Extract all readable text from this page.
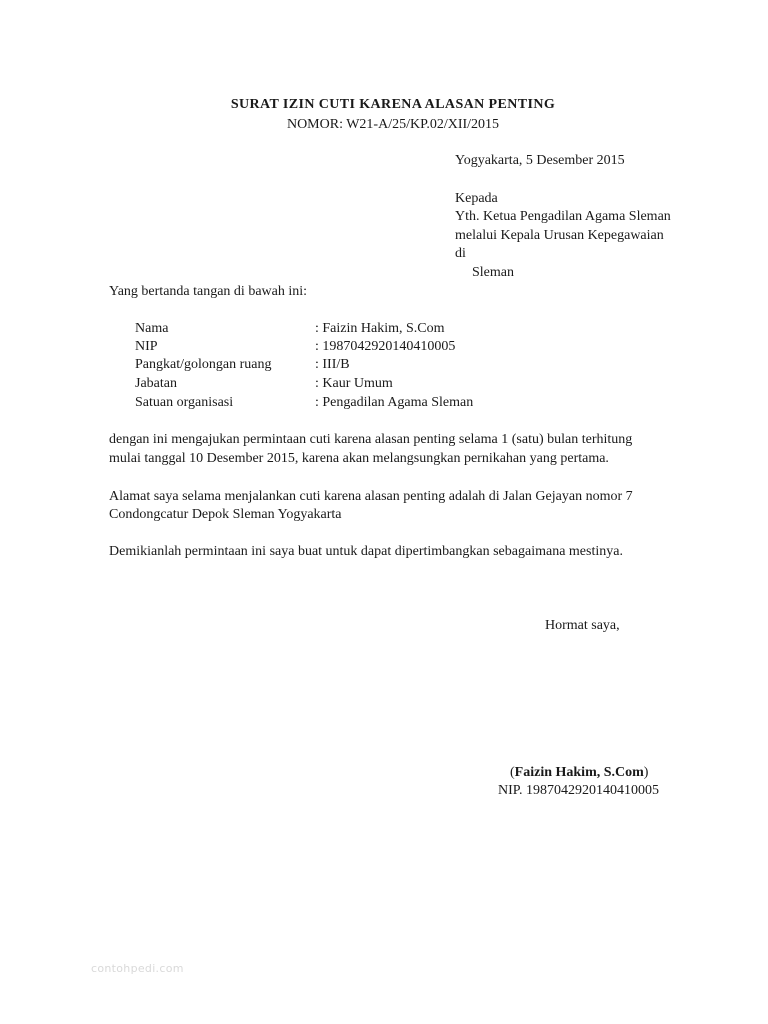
SURAT IZIN CUTI KARENA ALASAN PENTING
NOMOR: W21-A/25/KP.02/XII/2015
Yogyakarta, 5 Desember 2015
Kepada
Yth. Ketua Pengadilan Agama Sleman
melalui Kepala Urusan Kepegawaian
di
Sleman
Yang bertanda tangan di bawah ini:
Nama	: Faizin Hakim, S.Com
NIP	: 198704292014041000‍5
Pangkat/golongan ruang	: III/B
Jabatan	: Kaur Umum
Satuan organisasi	: Pengadilan Agama Sleman
dengan ini mengajukan permintaan cuti karena alasan penting selama 1 (satu) bulan terhitung
mulai tanggal 10 Desember 2015, karena akan melangsungkan pernikahan yang pertama.
Alamat saya selama menjalankan cuti karena alasan penting adalah di Jalan Gejayan nomor 7
Condongcatur Depok Sleman Yogyakarta
Demikianlah permintaan ini saya buat untuk dapat dipertimbangkan sebagaimana mestinya.
Hormat saya,
(Faizin Hakim, S.Com)
NIP. 198704292014041000‍5
contohpedi.com
